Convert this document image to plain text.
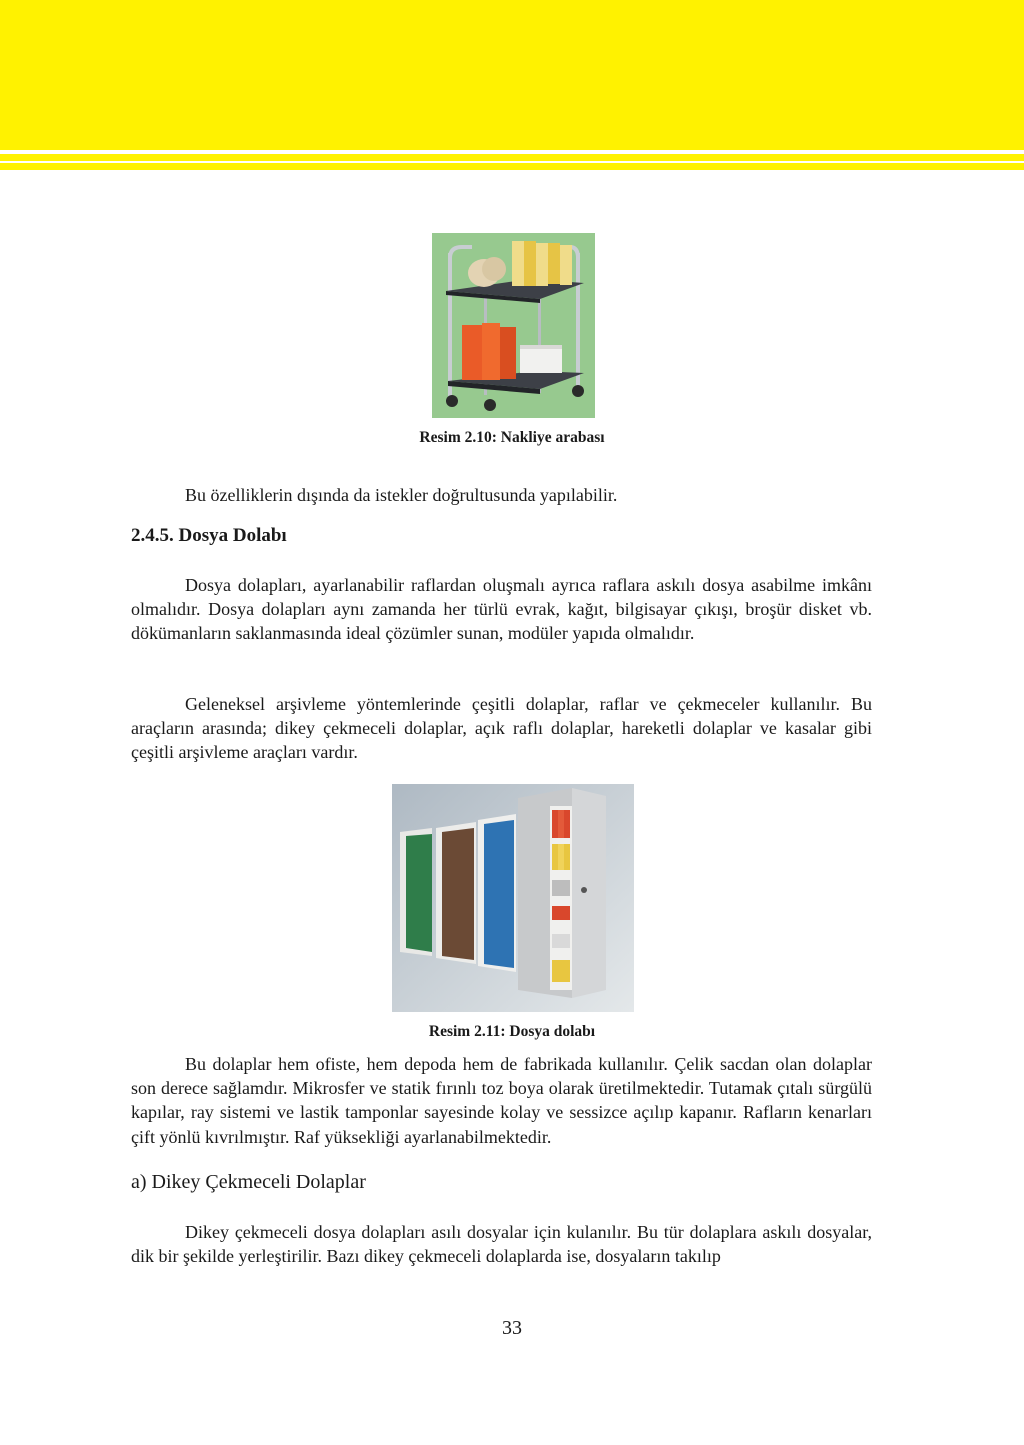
Resim 2.10: Nakliye arabası

Bu özelliklerin dışında da istekler doğrultusunda yapılabilir.

2.4.5. Dosya Dolabı

Dosya dolapları, ayarlanabilir raflardan oluşmalı ayrıca raflara askılı dosya asabilme imkânı olmalıdır. Dosya dolapları aynı zamanda her türlü evrak, kağıt, bilgisayar çıkışı, broşür disket vb. dökümanların saklanmasında ideal çözümler sunan, modüler yapıda olmalıdır.

Geleneksel arşivleme yöntemlerinde çeşitli dolaplar, raflar ve çekmeceler kullanılır. Bu araçların arasında; dikey çekmeceli dolaplar, açık raflı dolaplar, hareketli dolaplar ve kasalar gibi çeşitli arşivleme araçları vardır.

Resim 2.11: Dosya dolabı

Bu dolaplar hem ofiste, hem depoda hem de fabrikada kullanılır. Çelik sacdan olan dolaplar son derece sağlamdır. Mikrosfer ve statik fırınlı toz boya olarak üretilmektedir. Tutamak çıtalı sürgülü kapılar, ray sistemi ve lastik tamponlar sayesinde kolay ve sessizce açılıp kapanır. Rafların kenarları çift yönlü kıvrılmıştır. Raf yüksekliği ayarlanabilmektedir.

a) Dikey Çekmeceli Dolaplar

Dikey çekmeceli dosya dolapları asılı dosyalar için kulanılır. Bu tür dolaplara askılı dosyalar, dik bir şekilde yerleştirilir. Bazı dikey çekmeceli dolaplarda ise, dosyaların takılıp

33
